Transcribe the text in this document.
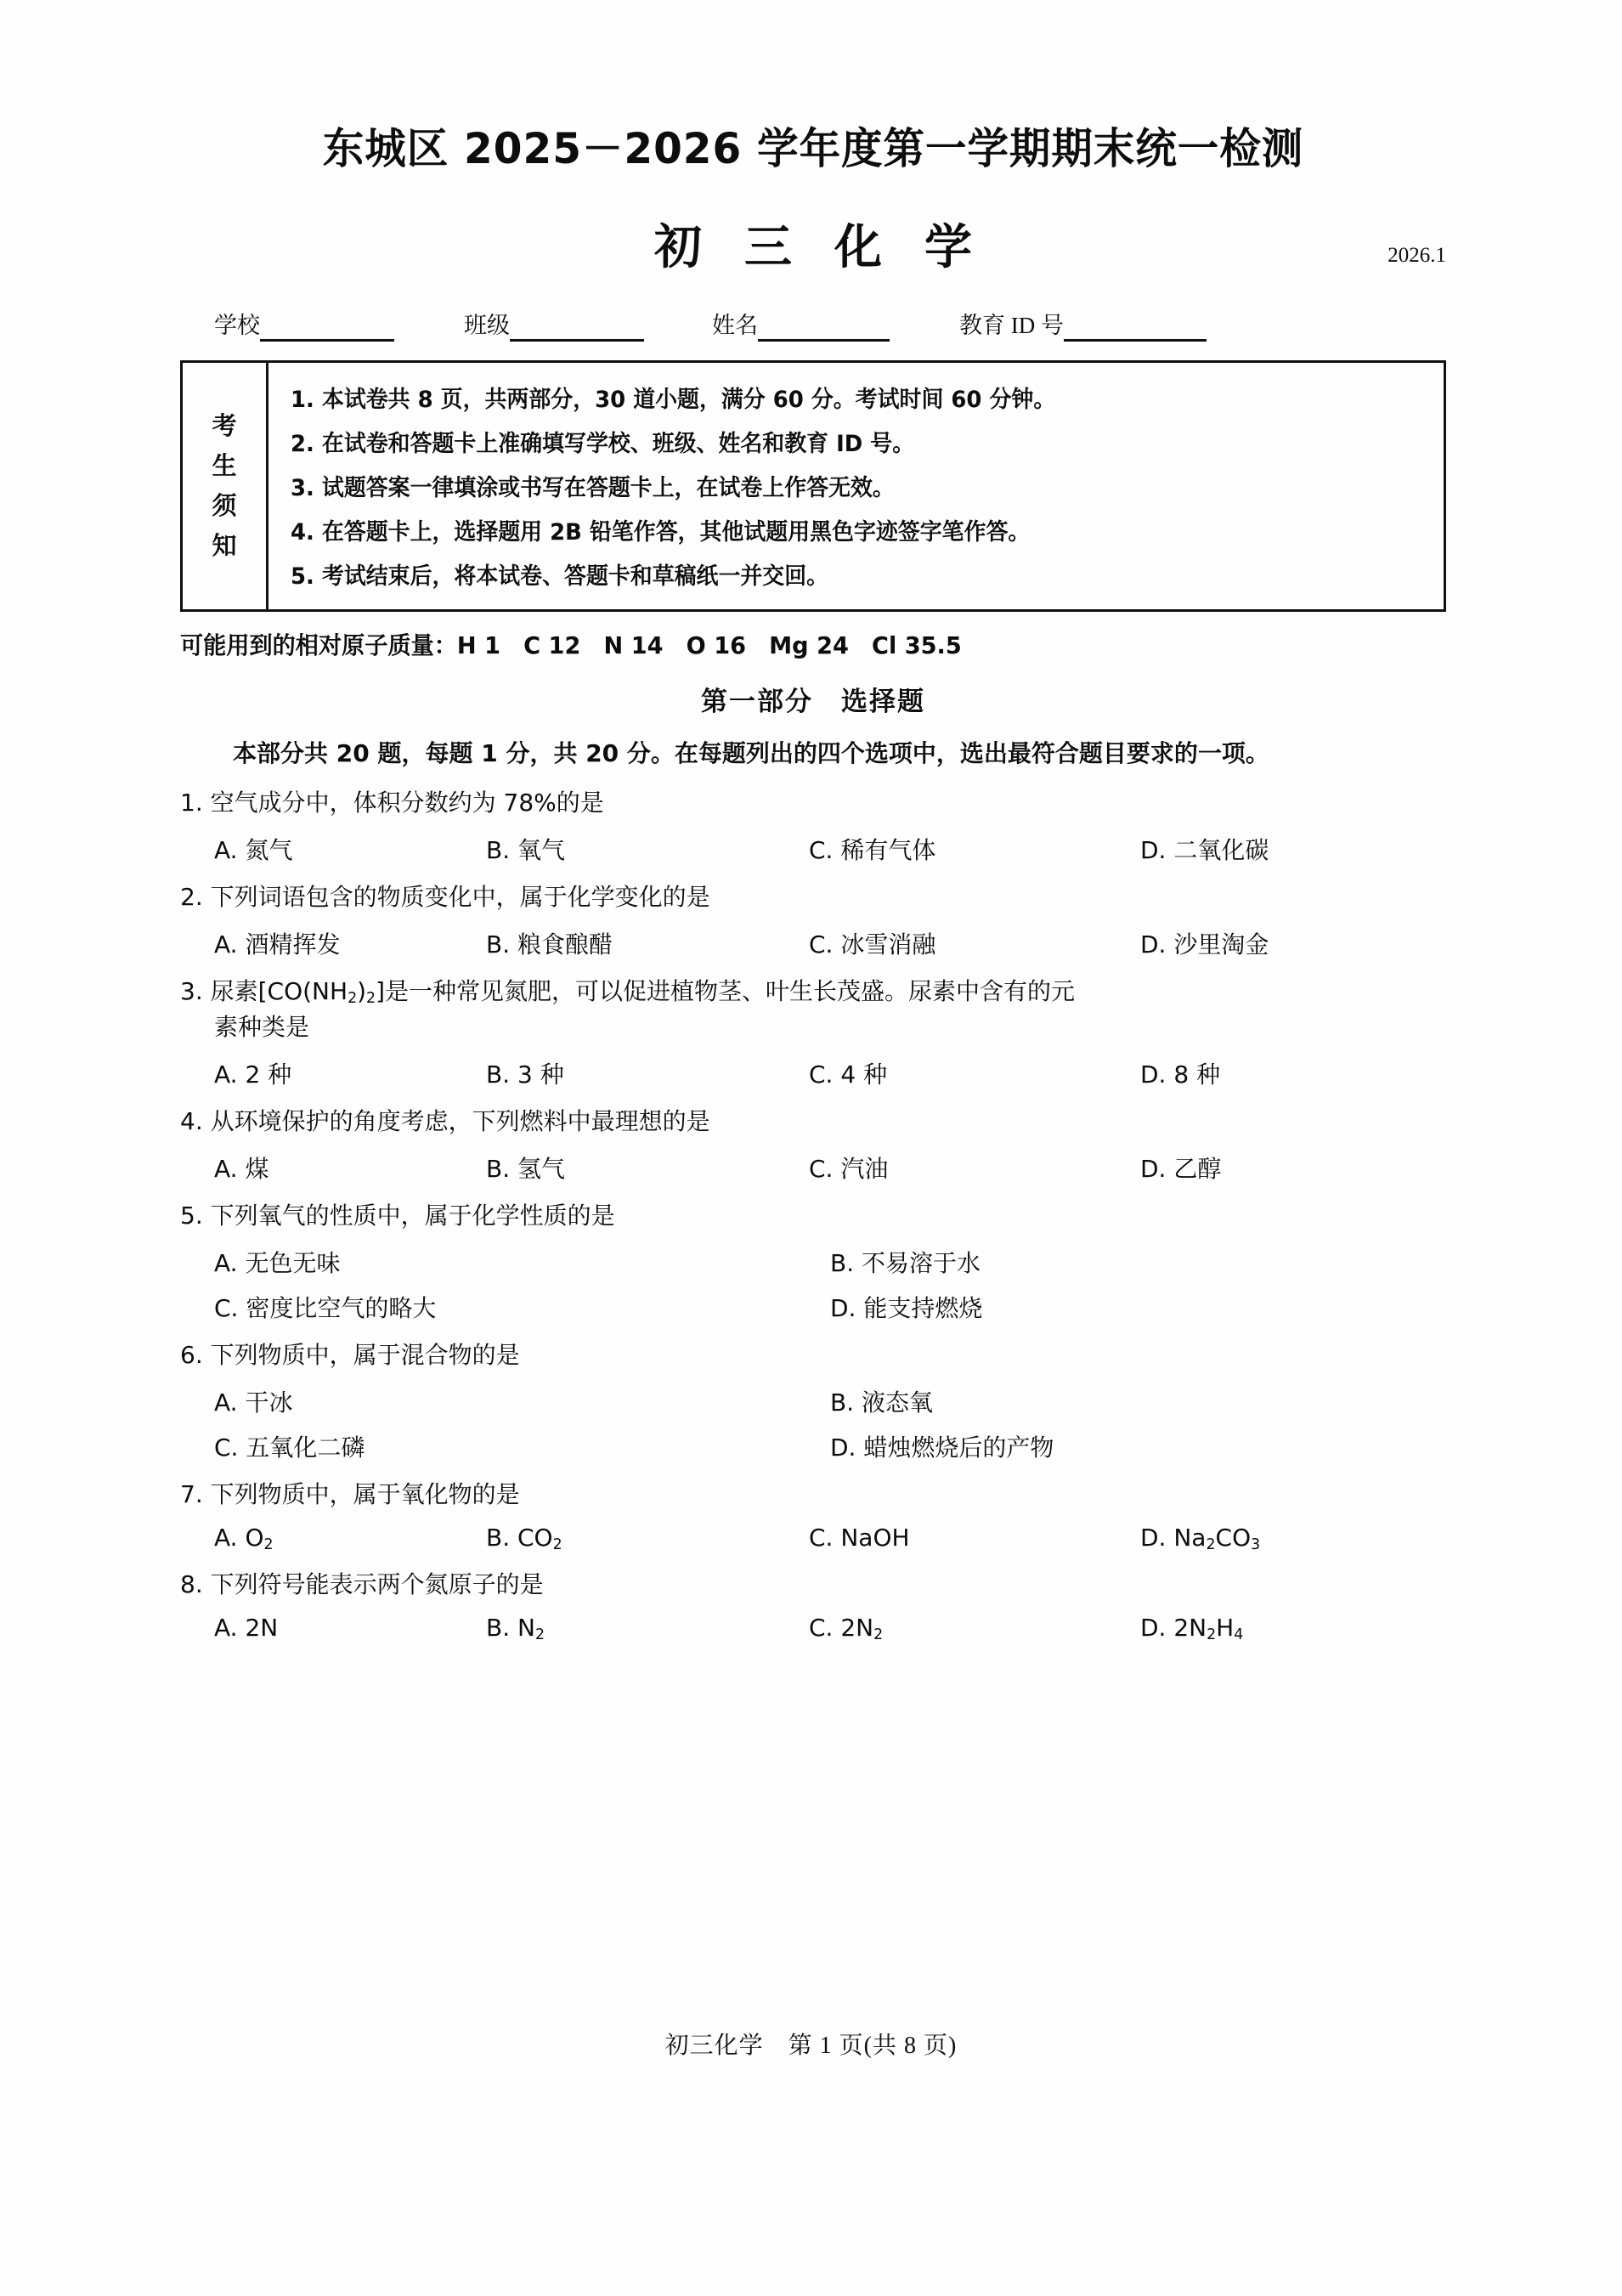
东城区 2025－2026 学年度第一学期期末统一检测
初 三 化 学	2026.1
学校	班级	姓名	教育 ID 号
考
生
须
知

1. 本试卷共 8 页，共两部分，30 道小题，满分 60 分。考试时间 60 分钟。

2. 在试卷和答题卡上准确填写学校、班级、姓名和教育 ID 号。

3. 试题答案一律填涂或书写在答题卡上，在试卷上作答无效。

4. 在答题卡上，选择题用 2B 铅笔作答，其他试题用黑色字迹签字笔作答。

5. 考试结束后，将本试卷、答题卡和草稿纸一并交回。

可能用到的相对原子质量：H 1　C 12　N 14　O 16　Mg 24　Cl 35.5
第一部分　选择题
本部分共 20 题，每题 1 分，共 20 分。在每题列出的四个选项中，选出最符合题目要求的一项。
1. 空气成分中，体积分数约为 78%的是
A. 氮气	B. 氧气	C. 稀有气体	D. 二氧化碳
2. 下列词语包含的物质变化中，属于化学变化的是
A. 酒精挥发	B. 粮食酿醋	C. 冰雪消融	D. 沙里淘金
3. 尿素$[CO(NH_2)_2]$是一种常见氮肥，可以促进植物茎、叶生长茂盛。尿素中含有的元
素种类是
A. 2 种	B. 3 种	C. 4 种	D. 8 种
4. 从环境保护的角度考虑，下列燃料中最理想的是
A. 煤	B. 氢气	C. 汽油	D. 乙醇
5. 下列氧气的性质中，属于化学性质的是
A. 无色无味	B. 不易溶于水
C. 密度比空气的略大	D. 能支持燃烧
6. 下列物质中，属于混合物的是
A. 干冰	B. 液态氧
C. 五氧化二磷	D. 蜡烛燃烧后的产物
7. 下列物质中，属于氧化物的是
A. $O_2$	B. $CO_2$	C. NaOH	D. $Na_2CO_3$
8. 下列符号能表示两个氮原子的是
A. 2N	B. $N_2$	C. $2N_2$	D. $2N_2H_4$
初三化学　第 1 页(共 8 页)
